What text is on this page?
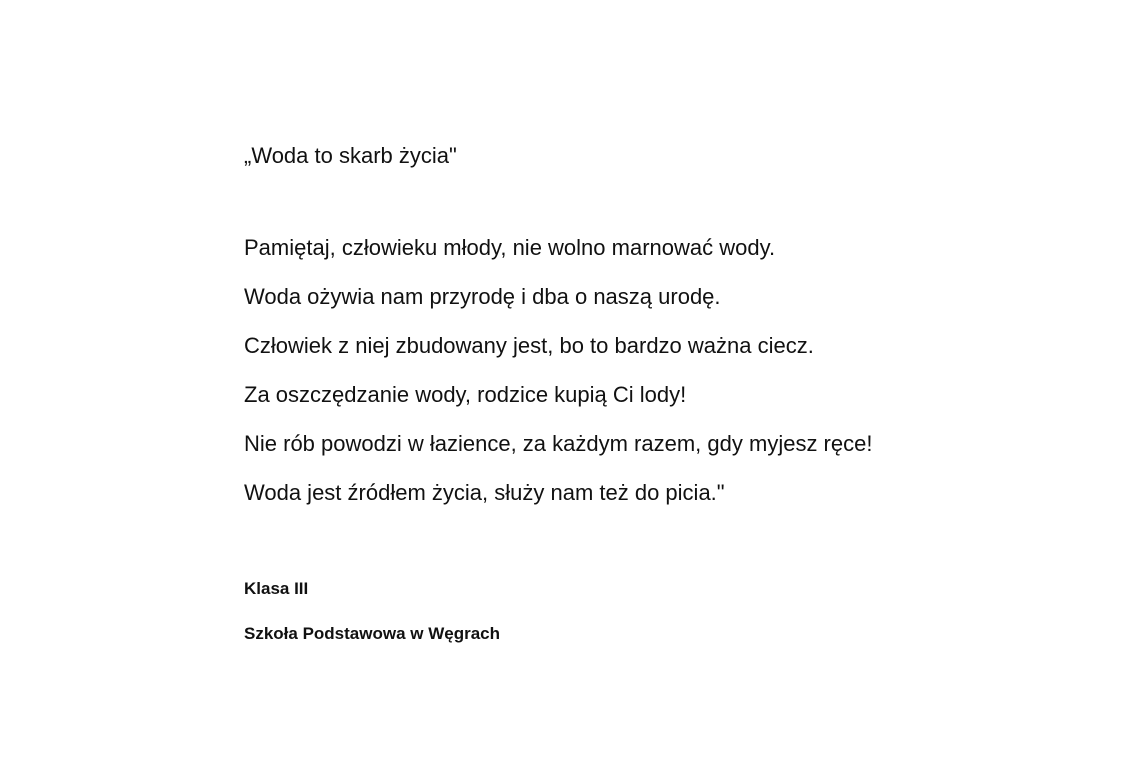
„Woda to skarb życia"
Pamiętaj, człowieku młody, nie wolno marnować wody.
Woda ożywia nam przyrodę i dba o naszą urodę.
Człowiek z niej zbudowany jest, bo to bardzo ważna ciecz.
Za oszczędzanie wody, rodzice kupią Ci lody!
Nie rób powodzi w łazience, za każdym razem, gdy myjesz ręce!
Woda jest źródłem życia, służy nam też do picia."
Klasa III
Szkoła Podstawowa w Węgrach
